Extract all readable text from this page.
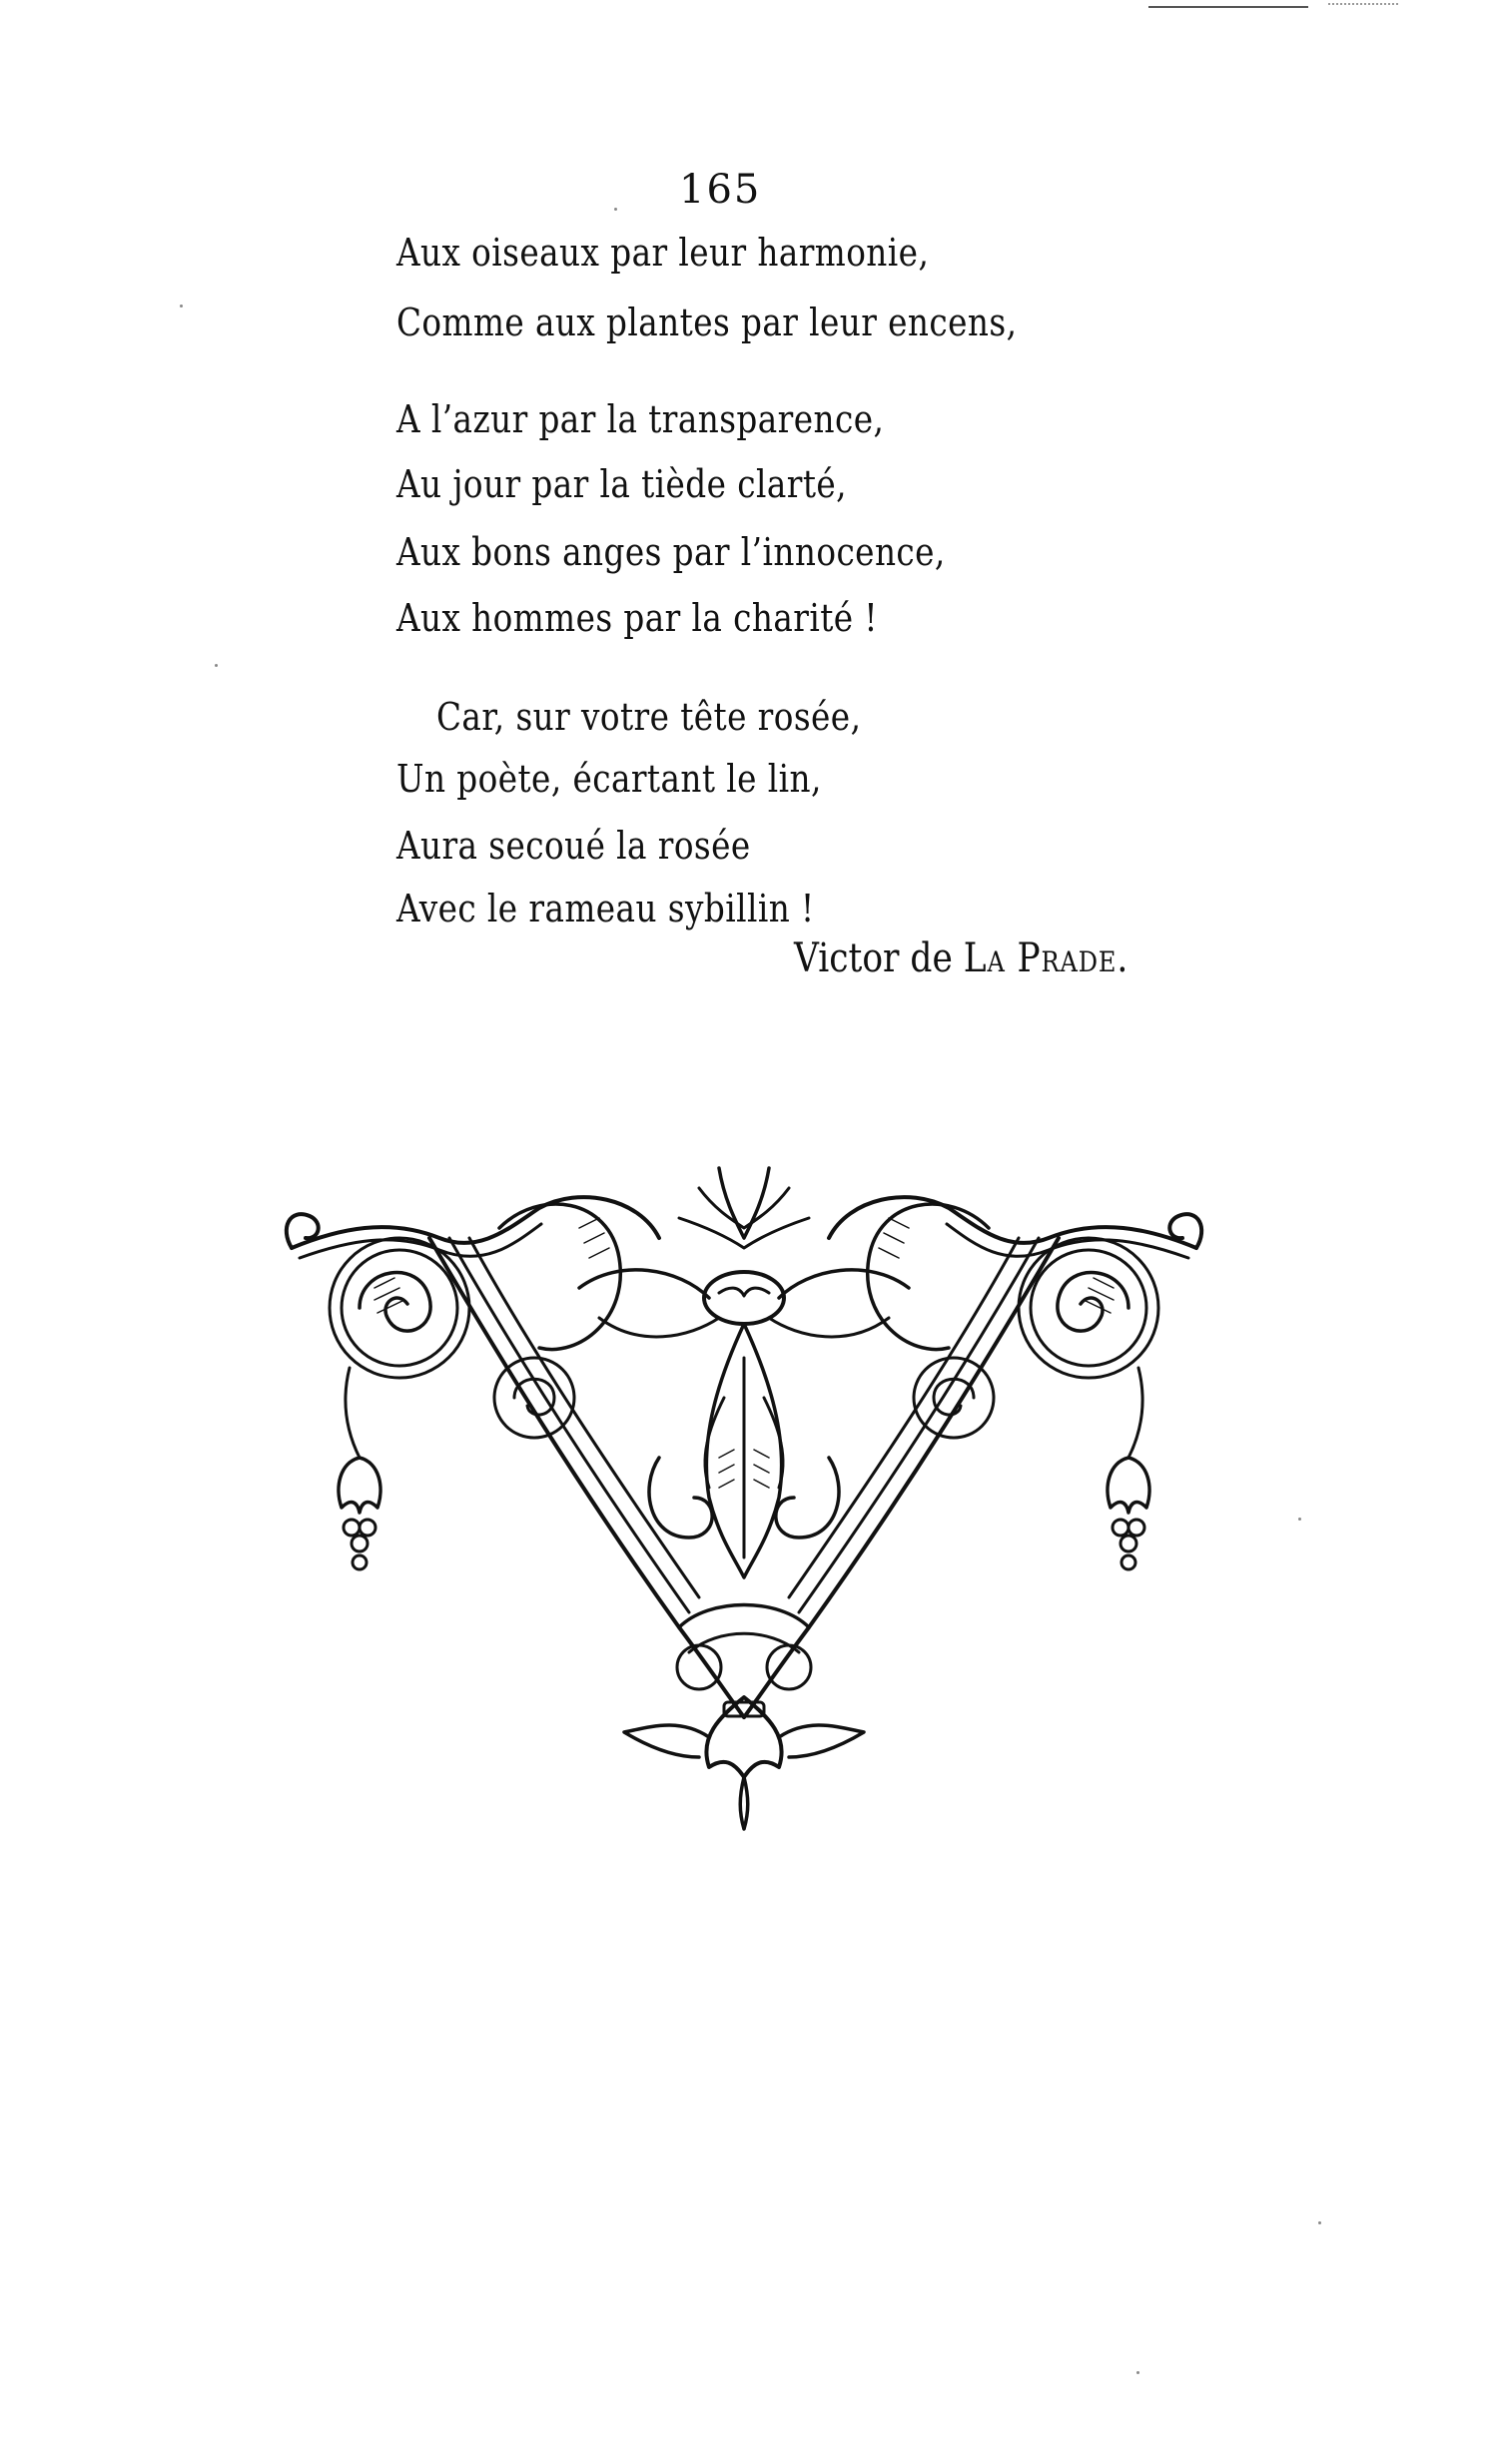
165
Aux oiseaux par leur harmonie,
Comme aux plantes par leur encens,
A l’azur par la transparence,
Au jour par la tiède clarté,
Aux bons anges par l’innocence,
Aux hommes par la charité !
Car, sur votre tête rosée,
Un poète, écartant le lin,
Aura secoué la rosée
Avec le rameau sybillin !
Victor de La Prade.
